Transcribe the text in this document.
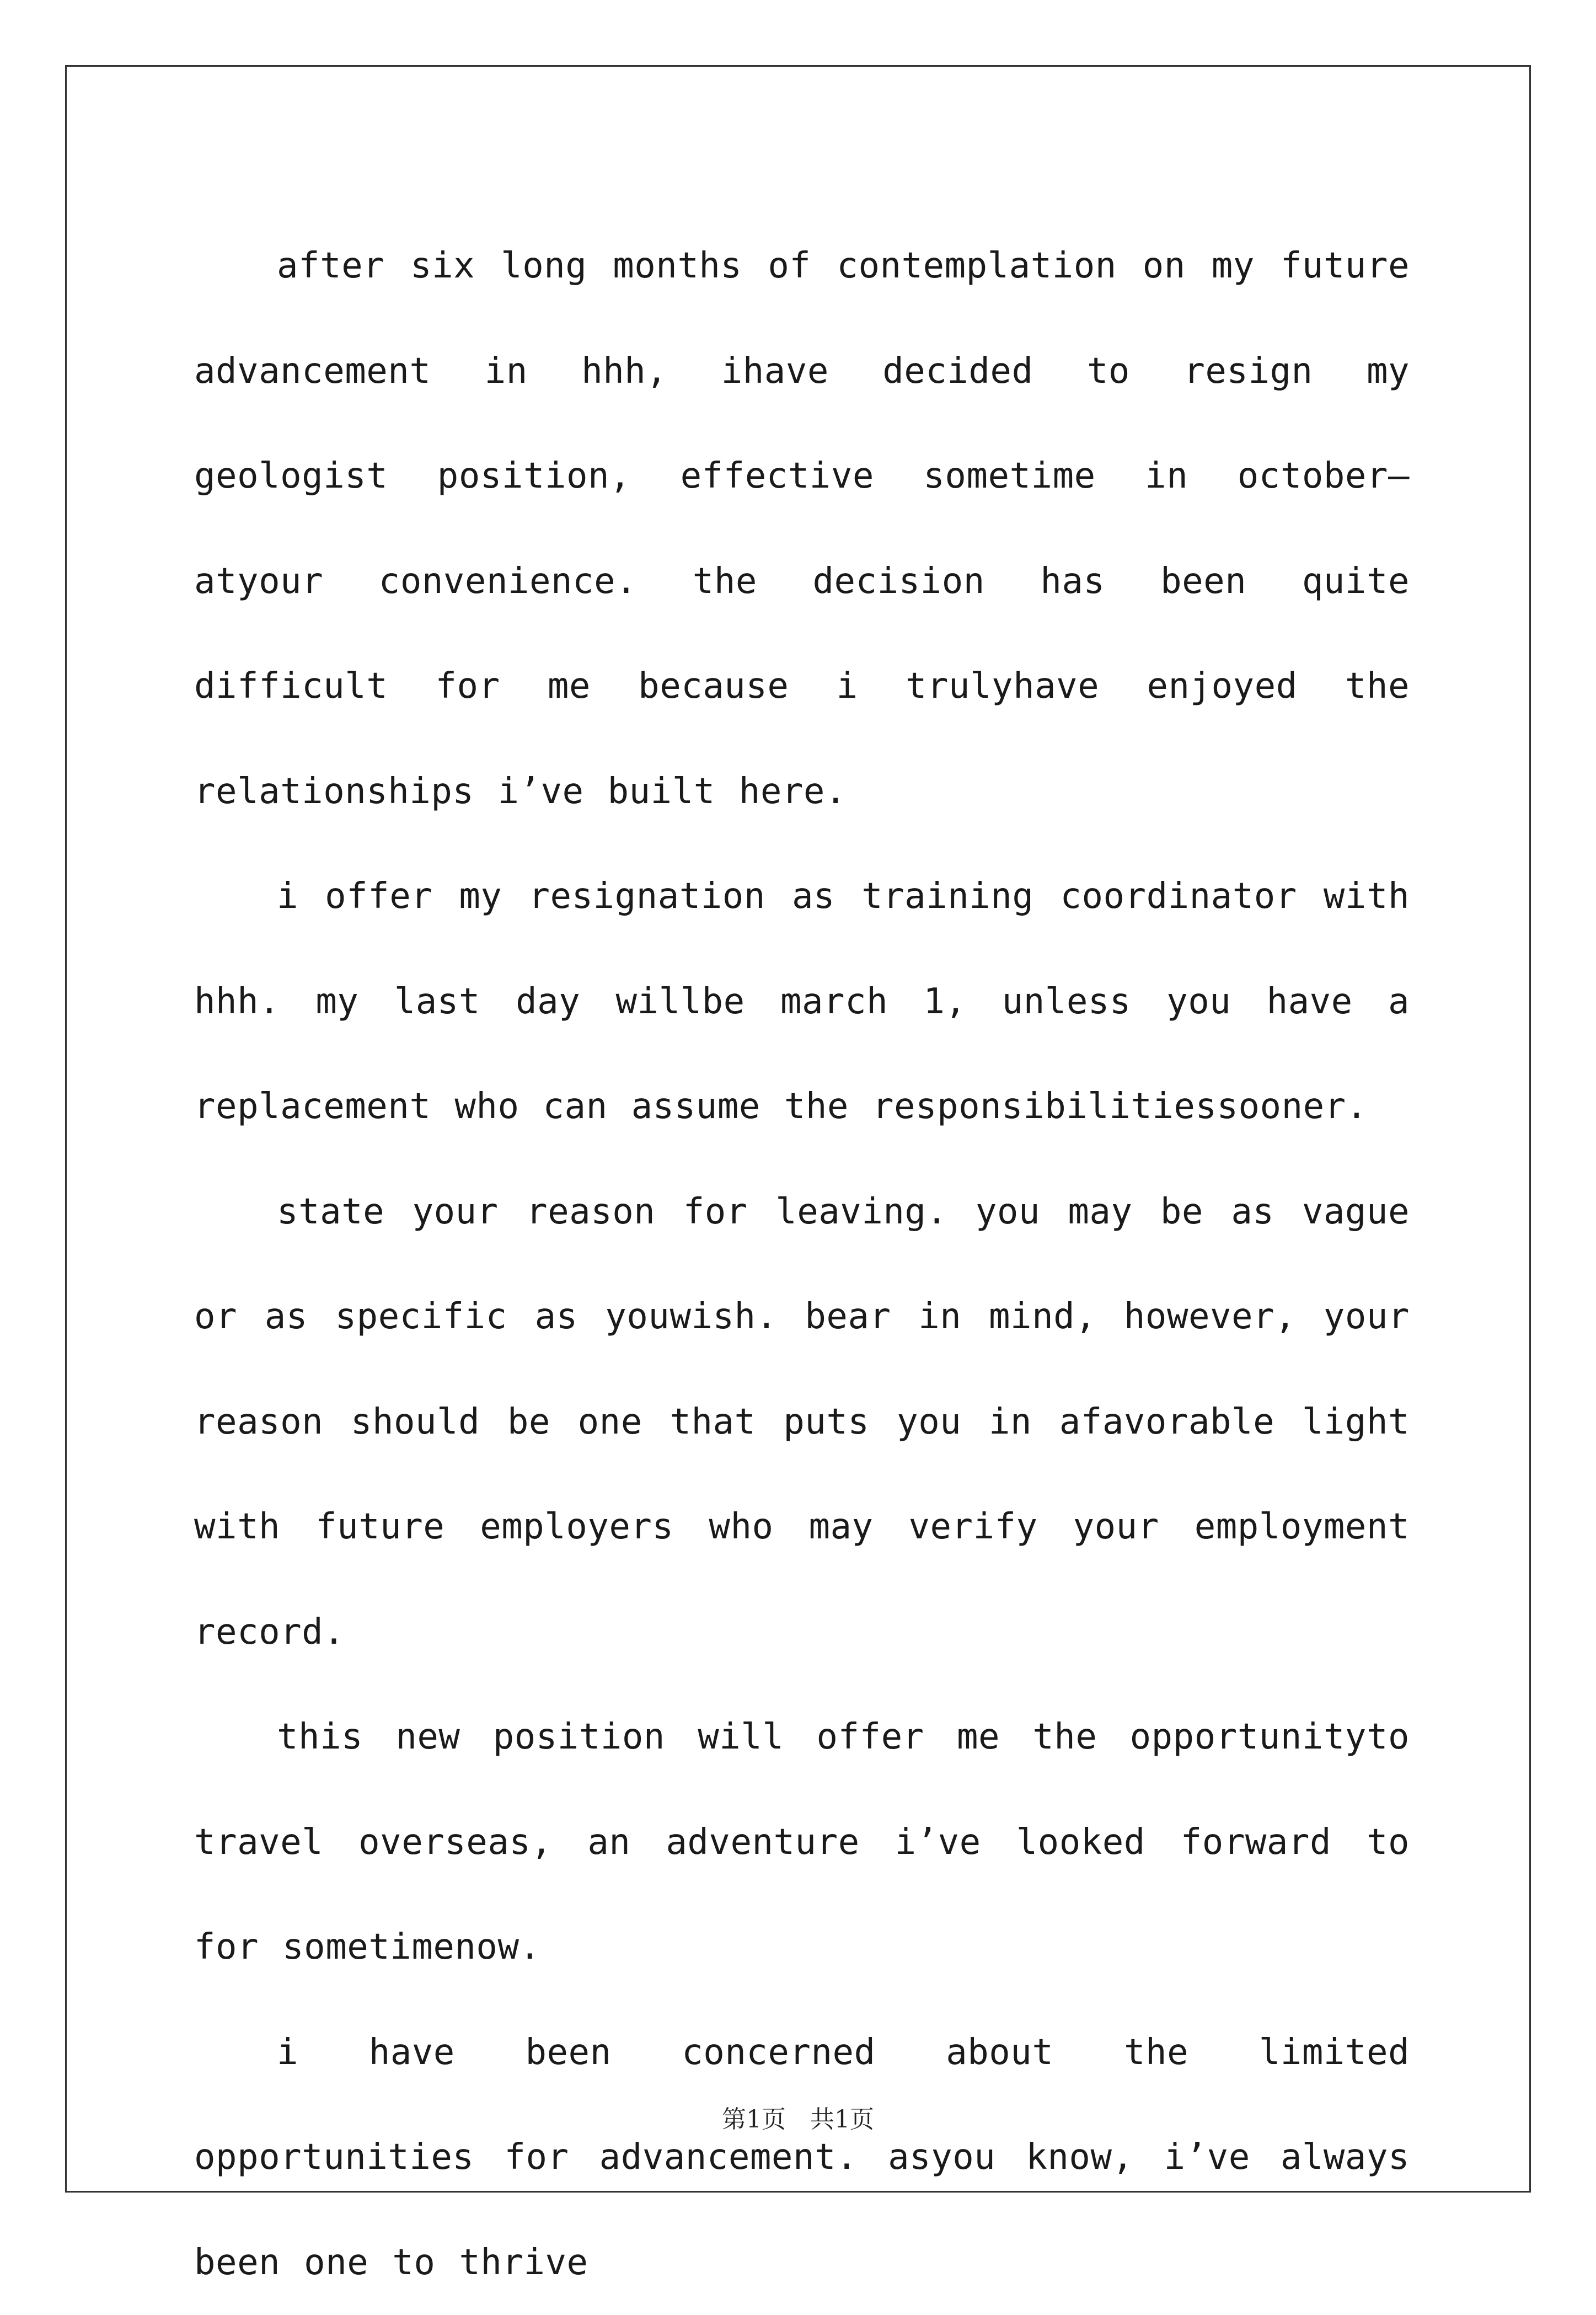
after six long months of contemplation on my future advancement in hhh, ihave decided to resign my geologist position, effective sometime in october–atyour convenience. the decision has been quite difficult for me because i trulyhave enjoyed the relationships i’ve built here.

i offer my resignation as training coordinator with hhh. my last day willbe march 1, unless you have a replacement who can assume the responsibilitiessooner.

state your reason for leaving. you may be as vague or as specific as youwish. bear in mind, however, your reason should be one that puts you in afavorable light with future employers who may verify your employment record.

this new position will offer me the opportunityto travel overseas, an adventure i’ve looked forward to for sometimenow.

i have been concerned about the limited opportunities for advancement. asyou know, i’ve always been one to thrive

第1页　共1页
